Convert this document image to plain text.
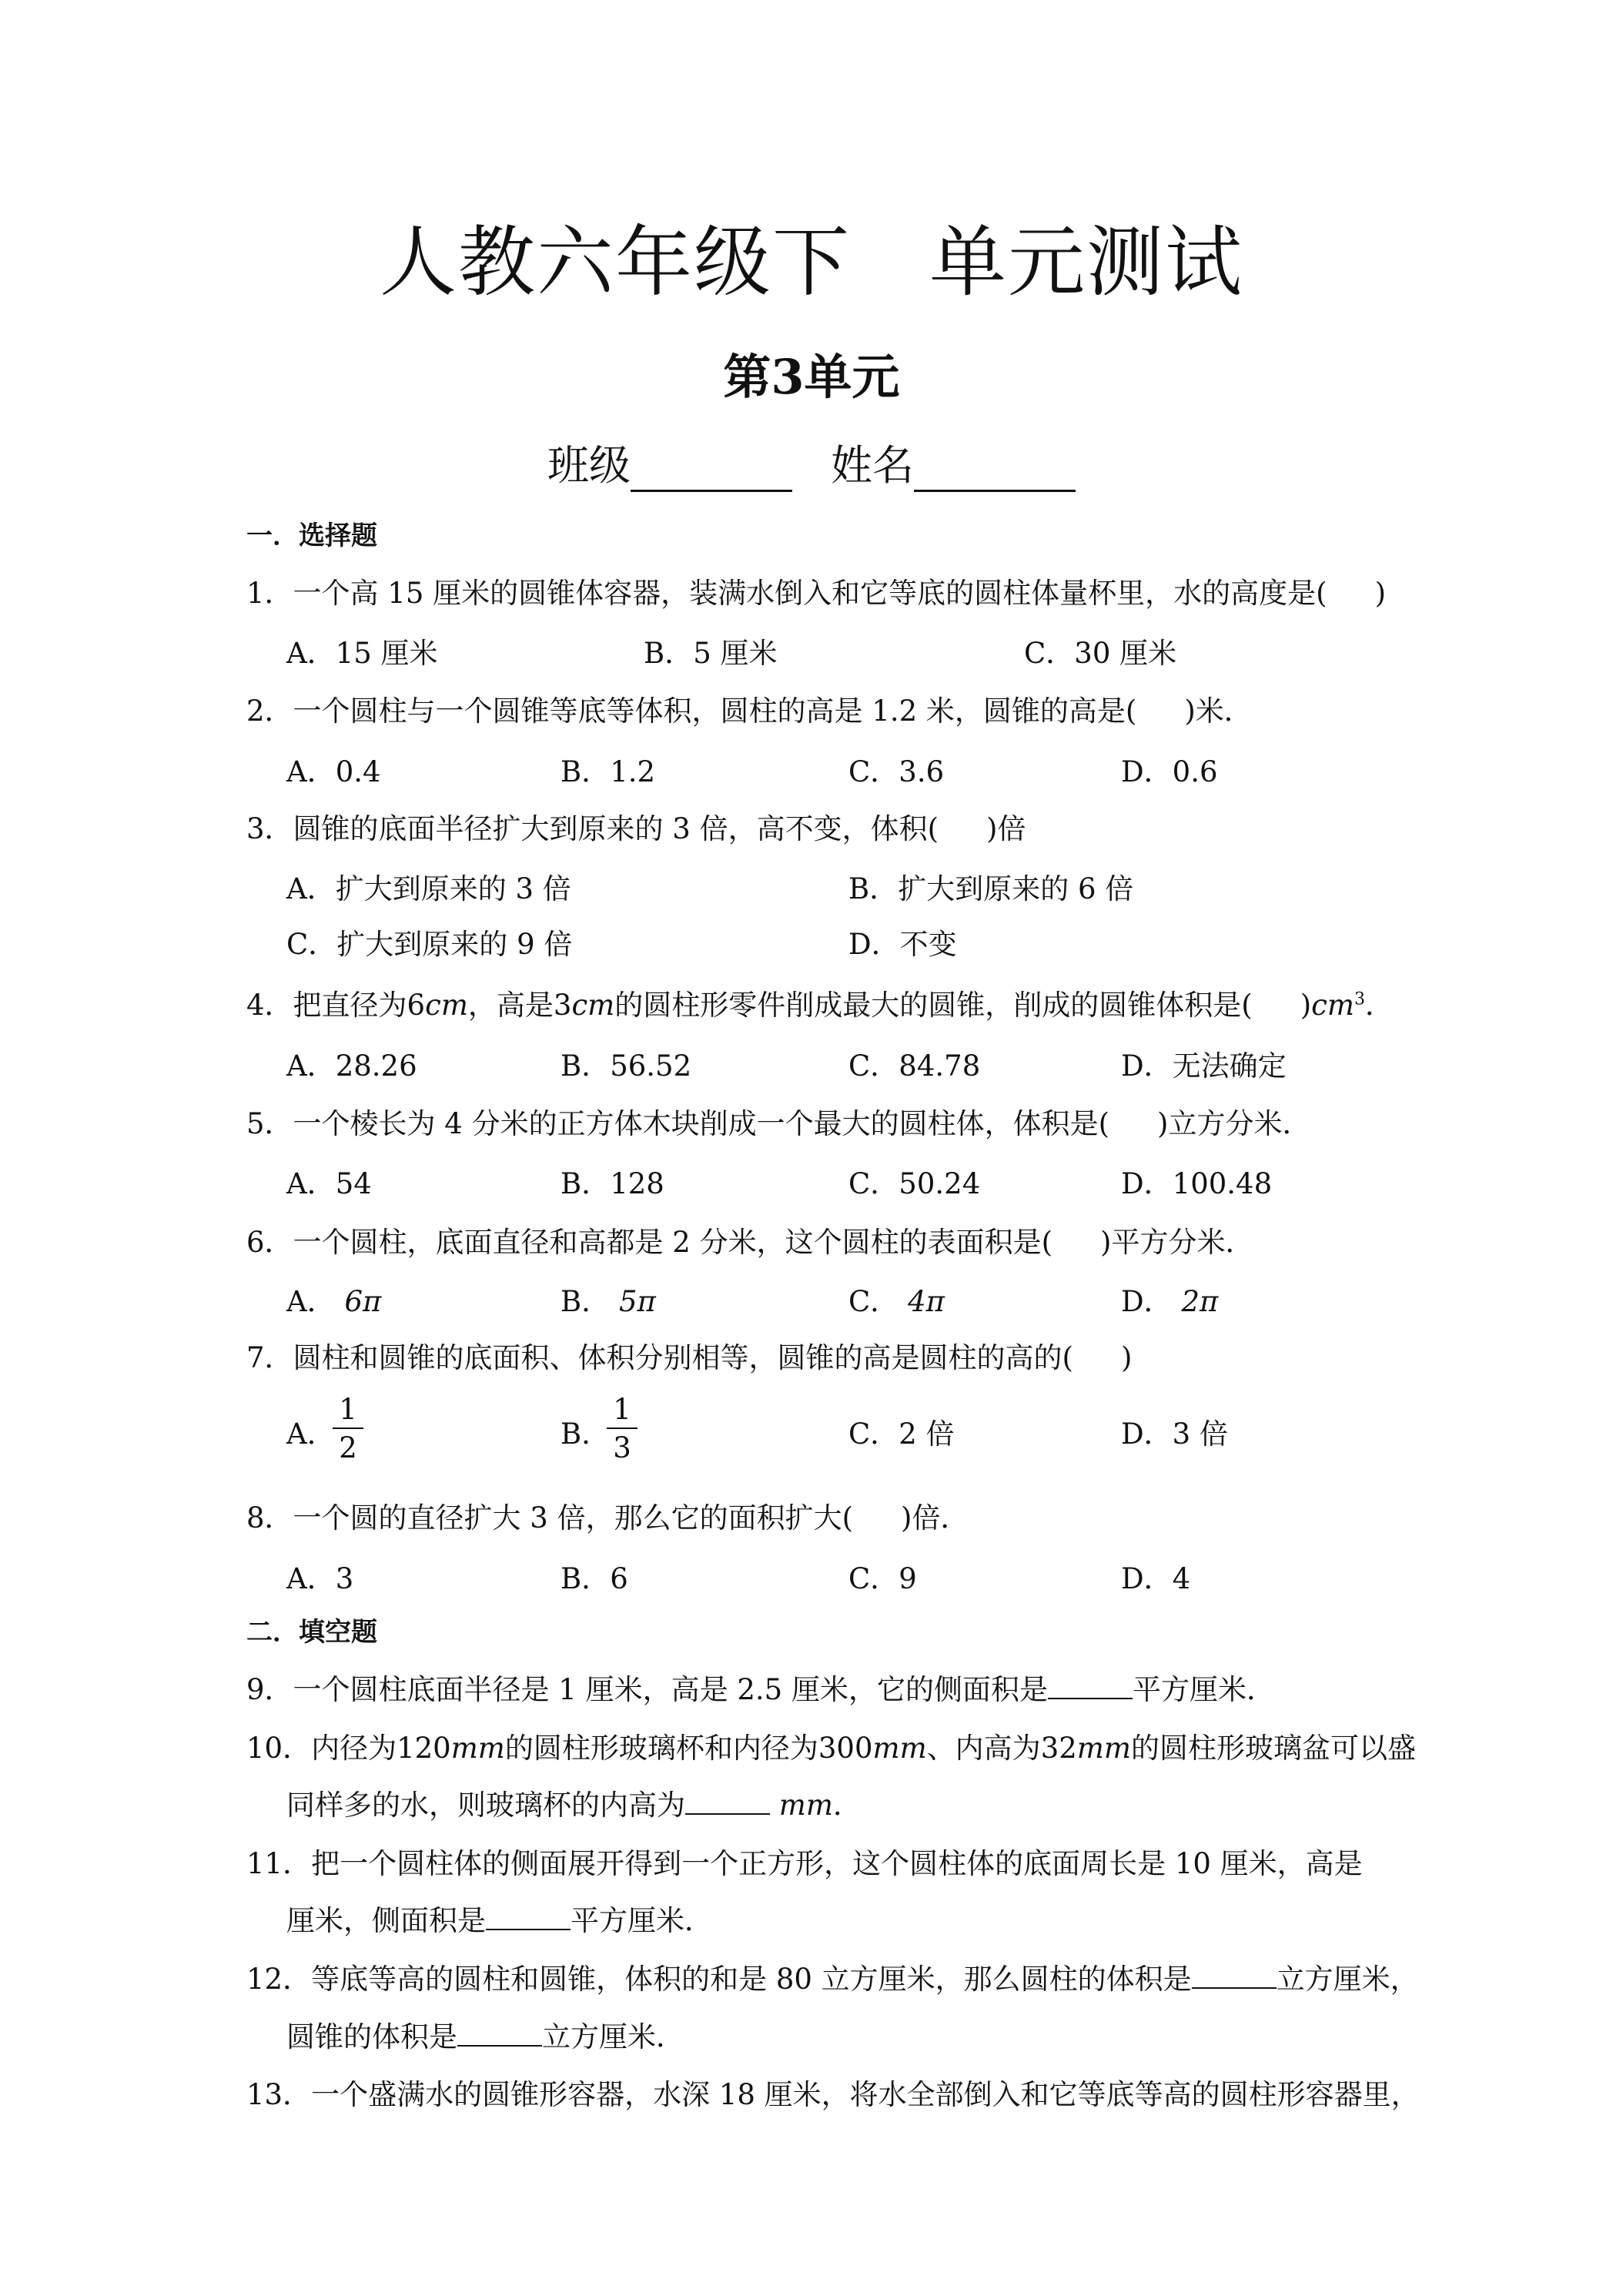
人教六年级下　单元测试
第3单元
班级	姓名
一．选择题
1．一个高 15 厘米的圆锥体容器，装满水倒入和它等底的圆柱体量杯里，水的高度是( )
A．15 厘米	B．5 厘米	C．30 厘米
2．一个圆柱与一个圆锥等底等体积，圆柱的高是 1.2 米，圆锥的高是( )米．
A．0.4	B．1.2	C．3.6	D．0.6
3．圆锥的底面半径扩大到原来的 3 倍，高不变，体积( )倍
A．扩大到原来的 3 倍	B．扩大到原来的 6 倍
C．扩大到原来的 9 倍	D．不变
4．把直径为6cm，高是3cm的圆柱形零件削成最大的圆锥，削成的圆锥体积是( )$cm^3$．
A．28.26	B．56.52	C．84.78	D．无法确定
5．一个棱长为 4 分米的正方体木块削成一个最大的圆柱体，体积是( )立方分米．
A．54	B．128	C．50.24	D．100.48
6．一个圆柱，底面直径和高都是 2 分米，这个圆柱的表面积是( )平方分米．
A． 6π	B． 5π	C． 4π	D． 2π
7．圆柱和圆锥的底面积、体积分别相等，圆锥的高是圆柱的高的( )
A．
$\frac{1}{2}$	B．
$\frac{1}{3}$	C．2 倍	D．3 倍
8．一个圆的直径扩大 3 倍，那么它的面积扩大( )倍．
A．3	B．6	C．9	D．4
二．填空题
9．一个圆柱底面半径是 1 厘米，高是 2.5 厘米，它的侧面积是	平方厘米．
10．内径为120mm的圆柱形玻璃杯和内径为300mm、内高为32mm的圆柱形玻璃盆可以盛
同样多的水，则玻璃杯的内高为	mm．
11．把一个圆柱体的侧面展开得到一个正方形，这个圆柱体的底面周长是 10 厘米，高是
厘米，侧面积是	平方厘米．
12．等底等高的圆柱和圆锥，体积的和是 80 立方厘米，那么圆柱的体积是	立方厘米，
圆锥的体积是	立方厘米．
13．一个盛满水的圆锥形容器，水深 18 厘米，将水全部倒入和它等底等高的圆柱形容器里，
